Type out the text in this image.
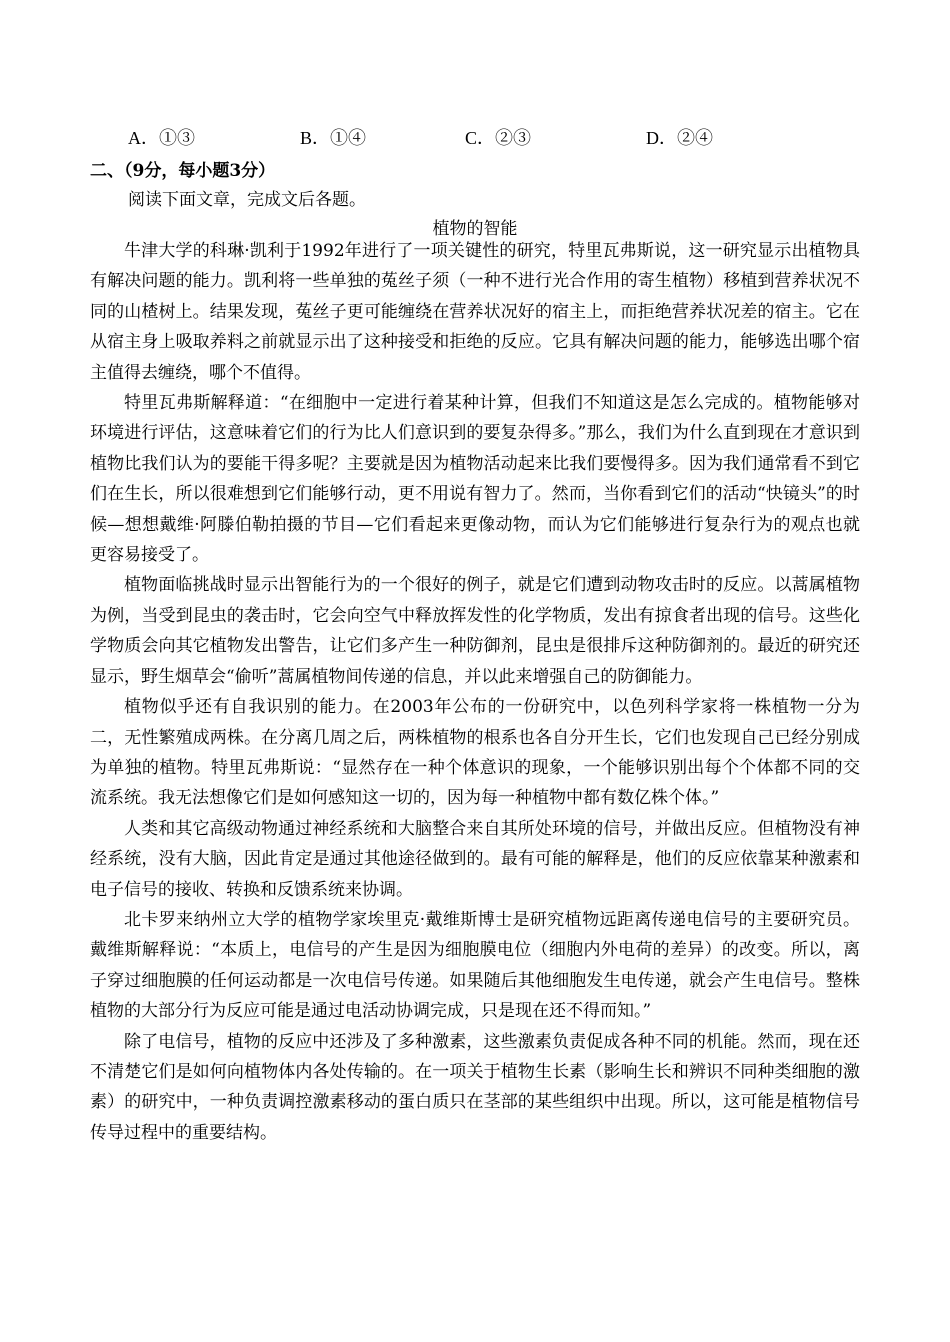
A．①③	B．①④	C．②③	D．②④
二、（9分，每小题3分）
阅读下面文章，完成文后各题。
植物的智能

牛津大学的科琳·凯利于1992年进行了一项关键性的研究，特里瓦弗斯说，这一研究显示出植物具有解决问题的能力。凯利将一些单独的菟丝子须（一种不进行光合作用的寄生植物）移植到营养状况不同的山楂树上。结果发现，菟丝子更可能缠绕在营养状况好的宿主上，而拒绝营养状况差的宿主。它在从宿主身上吸取养料之前就显示出了这种接受和拒绝的反应。它具有解决问题的能力，能够选出哪个宿主值得去缠绕，哪个不值得。

特里瓦弗斯解释道：“在细胞中一定进行着某种计算，但我们不知道这是怎么完成的。植物能够对环境进行评估，这意味着它们的行为比人们意识到的要复杂得多。”那么，我们为什么直到现在才意识到植物比我们认为的要能干得多呢？主要就是因为植物活动起来比我们要慢得多。因为我们通常看不到它们在生长，所以很难想到它们能够行动，更不用说有智力了。然而，当你看到它们的活动“快镜头”的时候—想想戴维·阿滕伯勒拍摄的节目—它们看起来更像动物，而认为它们能够进行复杂行为的观点也就更容易接受了。

植物面临挑战时显示出智能行为的一个很好的例子，就是它们遭到动物攻击时的反应。以蒿属植物为例，当受到昆虫的袭击时，它会向空气中释放挥发性的化学物质，发出有掠食者出现的信号。这些化学物质会向其它植物发出警告，让它们多产生一种防御剂，昆虫是很排斥这种防御剂的。最近的研究还显示，野生烟草会“偷听”蒿属植物间传递的信息，并以此来增强自己的防御能力。

植物似乎还有自我识别的能力。在2003年公布的一份研究中，以色列科学家将一株植物一分为二，无性繁殖成两株。在分离几周之后，两株植物的根系也各自分开生长，它们也发现自己已经分别成为单独的植物。特里瓦弗斯说：“显然存在一种个体意识的现象，一个能够识别出每个个体都不同的交流系统。我无法想像它们是如何感知这一切的，因为每一种植物中都有数亿株个体。”

人类和其它高级动物通过神经系统和大脑整合来自其所处环境的信号，并做出反应。但植物没有神经系统，没有大脑，因此肯定是通过其他途径做到的。最有可能的解释是，他们的反应依靠某种激素和电子信号的接收、转换和反馈系统来协调。

北卡罗来纳州立大学的植物学家埃里克·戴维斯博士是研究植物远距离传递电信号的主要研究员。戴维斯解释说：“本质上，电信号的产生是因为细胞膜电位（细胞内外电荷的差异）的改变。所以，离子穿过细胞膜的任何运动都是一次电信号传递。如果随后其他细胞发生电传递，就会产生电信号。整株植物的大部分行为反应可能是通过电活动协调完成，只是现在还不得而知。”

除了电信号，植物的反应中还涉及了多种激素，这些激素负责促成各种不同的机能。然而，现在还不清楚它们是如何向植物体内各处传输的。在一项关于植物生长素（影响生长和辨识不同种类细胞的激素）的研究中，一种负责调控激素移动的蛋白质只在茎部的某些组织中出现。所以，这可能是植物信号传导过程中的重要结构。
